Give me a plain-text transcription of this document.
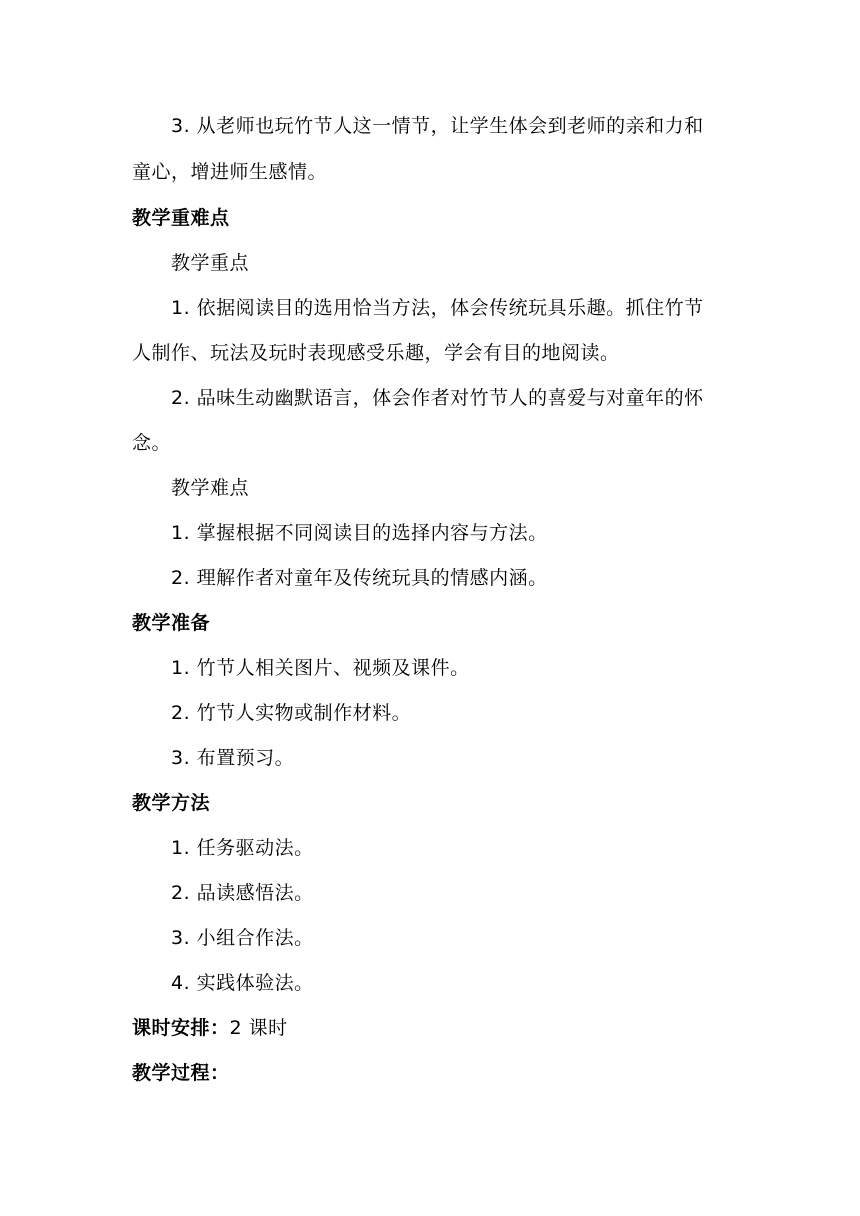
3. 从老师也玩竹节人这一情节，让学生体会到老师的亲和力和
童心，增进师生感情。
教学重难点
教学重点
1. 依据阅读目的选用恰当方法，体会传统玩具乐趣。抓住竹节
人制作、玩法及玩时表现感受乐趣，学会有目的地阅读。
2. 品味生动幽默语言，体会作者对竹节人的喜爱与对童年的怀
念。
教学难点
1. 掌握根据不同阅读目的选择内容与方法。
2. 理解作者对童年及传统玩具的情感内涵。
教学准备
1. 竹节人相关图片、视频及课件。
2. 竹节人实物或制作材料。
3. 布置预习。
教学方法
1. 任务驱动法。
2. 品读感悟法。
3. 小组合作法。
4. 实践体验法。
课时安排：2 课时
教学过程：
